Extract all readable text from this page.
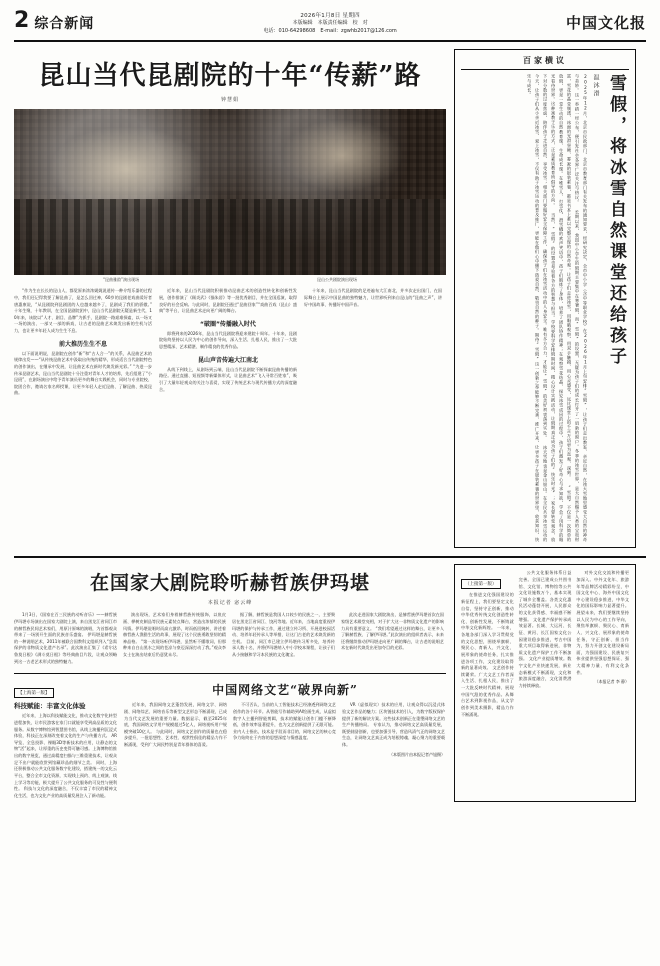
2 综合新闻	2026年1月8日 星期四
本版编辑　本版责任编辑　校　对
电话：010-64298608　E-mail：zgwhb2017@126.com	中国文化报
昆山当代昆剧院的十年“传薪”路
钟慧娟
“昆曲雅韵”演出现场	昆山公共剧院演出现场

“作为生在长长的昆山人，都觉原来浓浓娓娓说道传一种介绍乐器的过程中，我们还记得我要了解昆曲了，是怎么回过神，60岁的昆剧老戏曲爱好者唐惠康说，“从昆剧院到昆剧团的人也越来越多了，昆剧成了我们的骄傲。” 十年生聚，十年教训，在全国昆剧院团中，昆山当代昆剧院无疑是新生代，10年来，该院以“人才、剧目、品牌”为抓手，昆剧院一路艰难探索，以一场又一场的演出、一部又一部的新戏，让古老的昆曲艺术焕发出新的生机与活力，也让更多年轻人成为生生不息。

前大推历生生不息

以下面说明说，昆剧院在创作“新”和“古人合一”的关系，从昆曲艺术的规律出发——“从传统昆曲艺术中汲取出传统的精华，形成适合当代剧院特色的创作演出，在继承中发展，让昆曲艺术在新时代焕发新光彩。” “为进一步传承昆剧艺术，昆山当代昆剧院十分注重对青年人才的培养，先后组建了“小昆班”，在剧场演出中给予青年演员更多的舞台实践机会，同时与专业院校、院团合作，邀请名家名师授课，让更多年轻人走近昆曲、了解昆曲、热爱昆曲。

近年来，昆山当代昆剧院积极推动昆曲艺术的创造性转化和创新性发展，创作排演了《顾炎武》《描朱唇》等一批优秀剧目，并在全国巡演，取得良好的社会反响。与此同时，昆剧院还通过“昆曲回家”“戏曲百戏（昆山）盛典”等平台，让昆曲艺术走向更广阔的舞台。

“破圈”传播融入时代

即将到来的2026年，昆山当代昆剧院将迎来建院十周年。十年来，昆剧院始终坚持以人民为中心的创作导向，深入生活、扎根人民，推出了一大批思想精深、艺术精湛、制作精良的优秀作品。

昆山声音传遍大江南北

从线下到线上，从剧场到云端，昆山当代昆剧院不断探索昆曲传播的新路径。通过直播、短视频等新媒体形式，让昆曲艺术“飞入寻常百姓家”，吸引了大量年轻观众的关注与喜爱，实现了传统艺术与现代传播方式的深度融合。

十年来，昆山当代昆剧院的足迹遍布大江南北，并多次走出国门，在国际舞台上展示中国昆曲的独特魅力，让世界听到来自昆山的“昆曲之声”，讲好中国故事、传播好中国声音。

百家横议
雪假，将冰雪自然课堂还给孩子
温沐滑
2025年12月，北京市民政部门、北京市教育部门有关发布的通知要求，经研究决定，全市中小学（含中等职业学校）在2026年1月上旬安排“雪假”，让孩子们走出教室、亲近自然，在冰天雪地里感受大自然的神奇与美妙。这一举措一经公布，便引发社会各界广泛关注与热议。 长期以来，我国中小学生的假期主要集中在寒暑假，而“雪假”的设置，无疑为孩子们的成长打开了一扇新的窗户。冬季的冰雪世界，是大自然赐予人类的宝贵财富，雪花的晶莹剔透、冰面的光滑坚硬、雾凇的银装素裹，都是书本上难以完整呈现的自然奇观。让孩子们走进冰雪，用眼睛观察、用双手触摸、用心灵感受，远比课堂上的千言万语更为直观、深刻。 “雪假”不仅是一次简单的放假，更是一堂生动的自然教育课、生命成长课。在堆雪人、打雪仗、滑雪橇的欢声笑语中，孩子们锻炼了身体，培养了团队协作精神；在观察雪花结晶、探究冰雪成因的过程中，孩子们激发了好奇心与求知欲，学会了用科学的眼光看待世界。这种寓教于乐的方式，正是素质教育所倡导的方向。 当然，“雪假”的设置也考验着各方的智慧与担当。学校要科学安排假期时间，精心设计实践活动，让假期真正成为孩子们的“快乐时光”；家长要转变观念，放下对分数的过度焦虑，陪伴孩子走进自然、享受冰雪；相关部门要做好安全保障工作，确保孩子们在冰雪活动中的人身安全。唯有多方合力，才能让“雪假”的美好初衷落到实处。 冰天雪地也是金山银山。在全民共享冰雪运动的今天，让孩子们从小亲近冰雪、爱上冰雪，不仅有助于冰雪运动的普及推广，更能在他们心中播下热爱自然、敬畏自然的种子。期待“雪假”这一创新之举能够不断完善、推广开来，让更多孩子在银装素裹的世界里，收获知识、快乐与成长。
在国家大剧院聆听赫哲族伊玛堪
本报记者 宓云峰

1月3日，《国家在百三民族的动听音乐》——赫哲族伊玛堪专场演出在国家大剧院上演，来自黑龙江省同江市的赫哲族民间艺术家们，用原汁原味的演唱，为首都观众带来了一场别开生面的民族音乐盛宴。 伊玛堪是赫哲族的一种说唱艺术，2011年被联合国教科文组织列入“急需保护的非物质文化遗产名录”。此次演出汇集了《希尔达鲁莫日根》《满斗莫日根》等经典曲目片段，让观众领略到这一古老艺术形式的独特魅力。

演出现场，艺术家们身着赫哲族传统服饰，以鱼皮画、桦树皮制品等民族元素装点舞台，营造出浓郁的民族风情。伊玛堪说唱时而高亢激昂，时而低回婉转，讲述着赫哲族人渔猎生活的故事，展现了这个民族勇敢坚韧的精神品格。 “第一次现场听伊玛堪，虽然听不懂歌词，但那种来自白山黑水之间的苍凉与豪迈深深打动了我。”观众李女士在演出结束后仍意犹未尽。

据了解，赫哲族是我国人口较少的民族之一，主要聚居在黑龙江省同江、饶河等地。近年来，当地高度重视伊玛堪的保护与传承工作，通过建立传习所、开展进校园活动、培养年轻传承人等举措，让这门古老的艺术焕发新的生机。 目前，同江市已建立伊玛堪传习所多处，培养传承人数十名，并将伊玛堪纳入中小学校本课程，让孩子们从小接触和学习本民族的文化瑰宝。

此次走进国家大剧院演出，是赫哲族伊玛堪首次在国家级艺术殿堂亮相，对于扩大这一非物质文化遗产的影响力具有重要意义。 “我们希望通过这样的舞台，让更多人了解赫哲族、了解伊玛堪。”此次演出的组织者表示，未来还将继续推动伊玛堪走向更广阔的舞台，让古老的说唱艺术在新时代焕发出更加夺目的光彩。

【上海第一版】
科技赋能：丰富文化体验

近年来，上海以科技赋能文化，推动文化数字化转型进程加快，让市民游客在家门口就能享受到高品质的文化服务。从数字博物馆到智慧图书馆，从线上演播到沉浸式体验，科技正在深刻改变着文化的生产与传播方式。 AR导览、全息投影、裸眼3D等新技术的应用，让静态的文物“活”起来，让厚重的历史变得可触可感。上海博物馆推出的数字展览，通过高精度扫描与三维重建技术，让观众足不出户就能欣赏到馆藏珍品的细节之美。 同时，上海还积极推动公共文化服务数字化建设，搭建统一的文化云平台，整合全市文化资源，实现线上预约、线上观演、线上学习等功能，极大提升了公共文化服务的可及性与便利性。 科技与文化的深度融合，不仅丰富了市民的精神文化生活，也为文化产业的高质量发展注入了新动能。

中国网络文艺“破界向新”

近年来，我国网络文艺蓬勃发展，网络文学、网络剧、网络综艺、网络音乐等新型文艺形态不断涌现，已成为当代文艺发展的重要力量。数据显示，截至2025年底，我国网络文学用户规模超过5亿人，网络视听用户规模突破10亿人。 与此同时，网络文艺创作的质量也在稳步提升，一批思想性、艺术性、观赏性俱佳的精品力作不断涌现，受到广大网民特别是青年群体的喜爱。

不可否认，当前的人工智能技术已经渗透到网络文艺创作的各个环节。从智能写作辅助到AI绘画生成，从虚拟数字人主播到智能剪辑，技术的赋能让创作门槛不断降低，创作效率显著提升，也为文艺创新提供了无限可能。 业内人士指出，技术是手段而非目的，网络文艺的核心竞争力始终在于内容的思想深度与情感温度。

VR（虚拟现实）技术的应用，让观众得以沉浸式体验文艺作品的魅力；区块链技术的引入，为数字版权保护提供了新的解决方案。这些技术创新正在重塑网络文艺的生产传播格局。 专家认为，推动网络文艺高质量发展，既要鼓励创新，也要加强引导，营造风清气正的网络文艺生态，让网络文艺真正成为培根铸魂、凝心聚力的重要载体。

（本版图片由本报记者卢旭摄）
（上接第一版）

在推进文化强国建设的新征程上，我们要坚定文化自信，坚持守正创新，推动中华优秀传统文化创造性转化、创新性发展，不断铸就中华文化新辉煌。 一年来，各地各部门深入学习贯彻党的文化思想，围绕举旗帜、聚民心、育新人、兴文化、展形象的使命任务，扎实推进各项工作，文化建设取得新的显著成效。 文艺创作持续繁荣。广大文艺工作者深入生活、扎根人民，推出了一大批反映时代精神、展现中国气派的优秀作品。从舞台艺术到影视作品，从文学创作到美术摄影，精品力作不断涌现。

公共文化服务体系日益完善。全国已建成公共图书馆、文化馆、博物馆等公共文化设施数万个，基本实现了城乡全覆盖。各类文化惠民活动蓬勃开展，人民群众的文化获得感、幸福感不断增强。 文化遗产保护传承成效显著。长城、大运河、长征、黄河、长江国家文化公园建设稳步推进，考古中国重大项目取得新进展，非物质文化遗产保护工作不断加强。 文化产业提质增效。数字文化产业快速发展，新业态新模式不断涌现，文化和旅游深度融合，文化消费潜力持续释放。

对外文化交流和传播更加深入。中外文化年、旅游年等品牌活动精彩纷呈，中国文化中心、海外中国文化中心建设稳步推进，中华文化的国际影响力显著提升。 展望未来，我们要继续坚持以人民为中心的工作导向，聚焦举旗帜、聚民心、育新人、兴文化、展形象的使命任务，守正创新、担当作为，努力开创文化建设新局面，为强国建设、民族复兴伟业提供坚强思想保证、强大精神力量、有利文化条件。

（本报记者 李 静）
